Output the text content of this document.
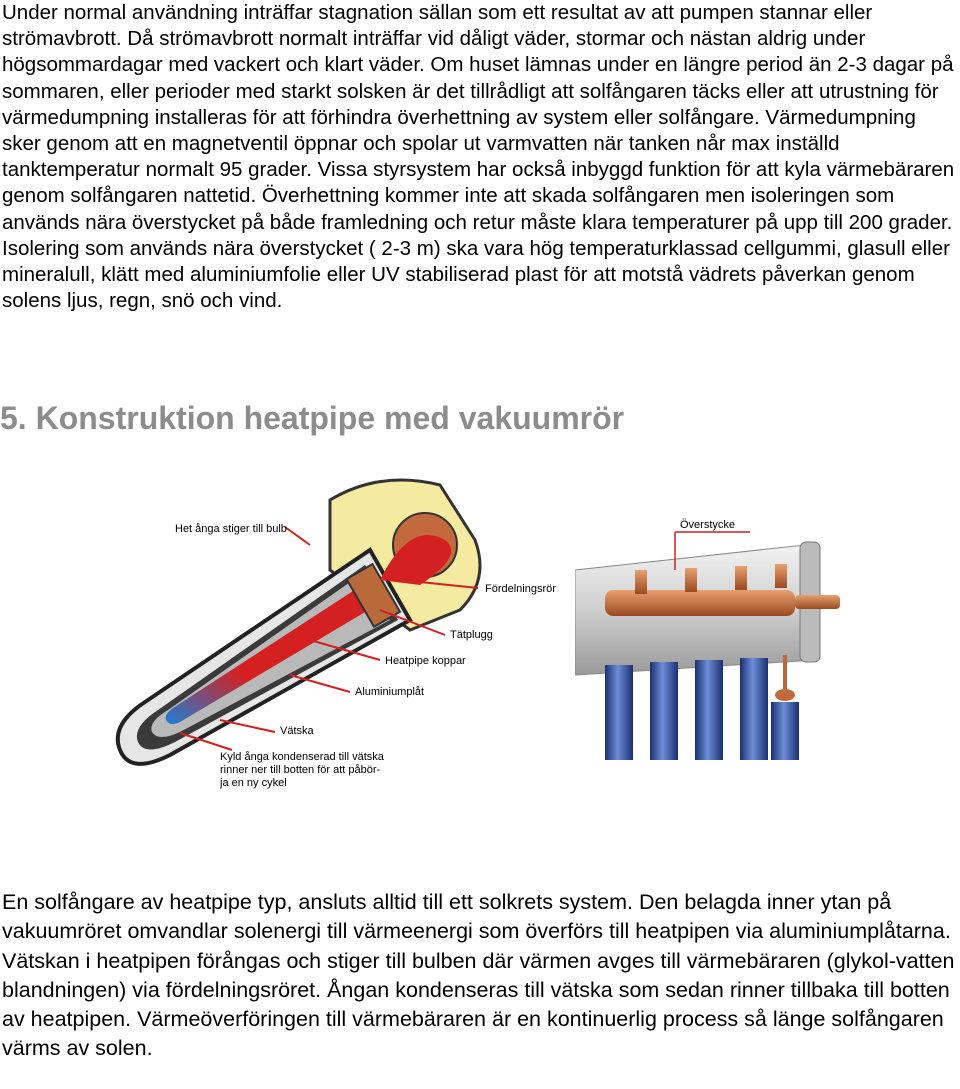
Under normal användning inträffar stagnation sällan som ett resultat av att pumpen stannar eller strömavbrott. Då strömavbrott normalt inträffar vid dåligt väder, stormar och nästan aldrig under högsommardagar med vackert och klart väder. Om huset lämnas under en längre period än 2-3 dagar på sommaren, eller perioder med starkt solsken är det tillrådligt att solfångaren täcks eller att utrustning för värmedumpning installeras för att förhindra överhettning av system eller solfångare. Värmedumpning sker genom att en magnetventil öppnar och spolar ut varmvatten när tanken når max inställd tanktemperatur normalt 95 grader. Vissa styrsystem har också inbyggd funktion för att kyla värmebäraren genom solfångaren nattetid. Överhettning kommer inte att skada solfångaren men isoleringen som används nära överstycket på både framledning och retur måste klara temperaturer på upp till 200 grader. Isolering som används nära överstycket ( 2-3 m) ska vara hög temperaturklassad cellgummi, glasull eller mineralull, klätt med aluminiumfolie eller UV stabiliserad plast för att motstå vädrets påverkan genom solens ljus, regn, snö och vind.

5. Konstruktion heatpipe med vakuumrör
Het ånga stiger till bulb
Fördelningsrör
Tätplugg
Heatpipe koppar
Aluminiumplåt
Vätska
Kyld ånga kondenserad till vätska
rinner ner till botten för att påbör-
ja en ny cykel
Överstycke

En solfångare av heatpipe typ, ansluts alltid till ett solkrets system. Den belagda inner ytan på vakuumröret omvandlar solenergi till värmeenergi som överförs till heatpipen via aluminiumplåtarna. Vätskan i heatpipen förångas och stiger till bulben där värmen avges till värmebäraren (glykol-vatten blandningen) via fördelningsröret. Ångan kondenseras till vätska som sedan rinner tillbaka till botten av heatpipen. Värmeöverföringen till värmebäraren är en kontinuerlig process så länge solfångaren värms av solen.
